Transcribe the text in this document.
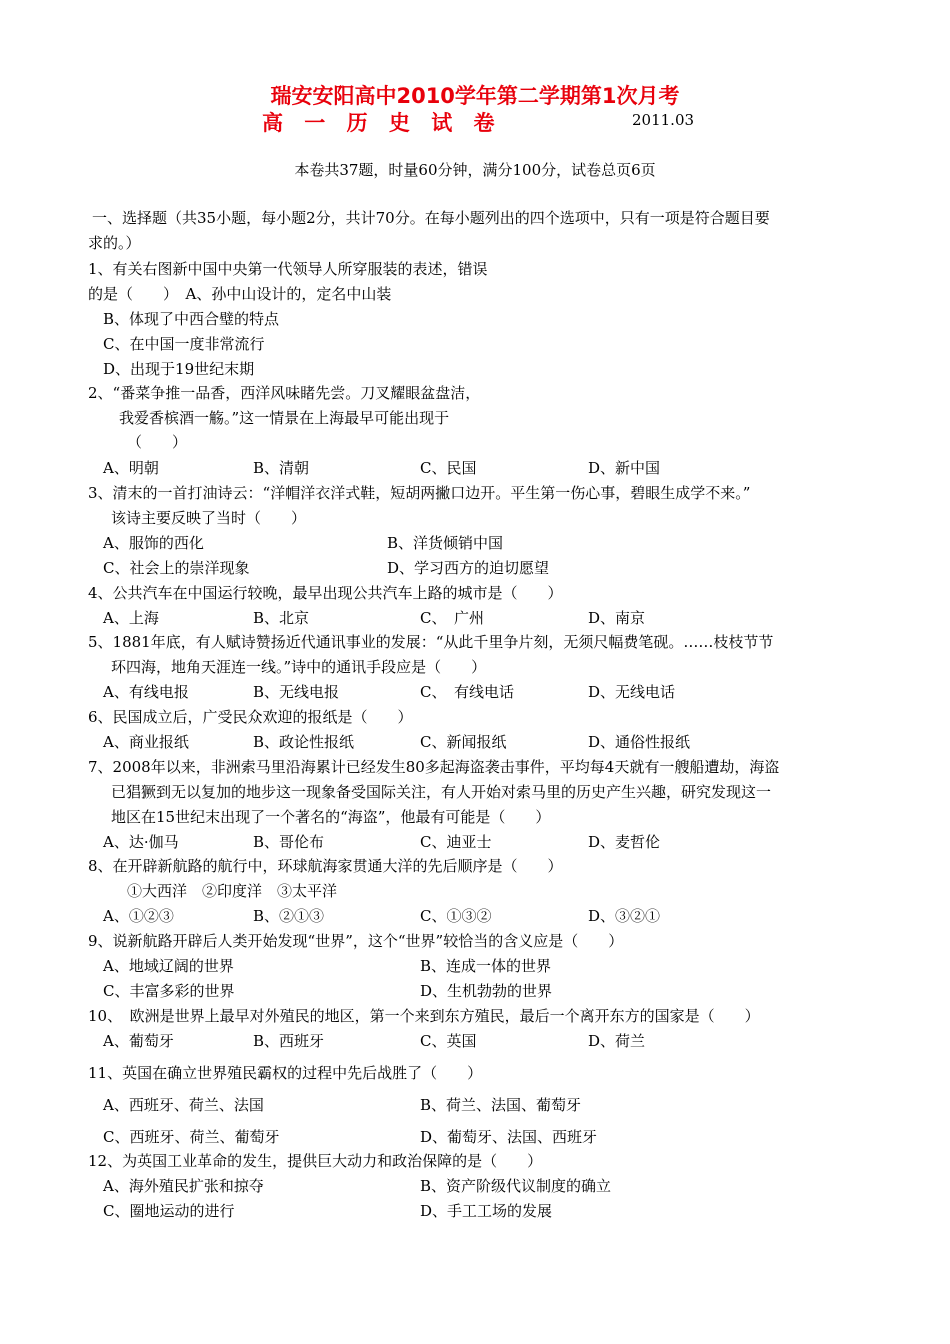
瑞安安阳高中2010学年第二学期第1次月考
高 一 历 史 试 卷	2011.03
本卷共37题，时量60分钟，满分100分，试卷总页6页
一、选择题（共35小题，每小题2分，共计70分。在每小题列出的四个选项中，只有一项是符合题目要
求的。）
1、有关右图新中国中央第一代领导人所穿服装的表述，错误
的是（　　）　A、孙中山设计的，定名中山装
B、体现了中西合璧的特点
C、在中国一度非常流行
D、出现于19世纪末期
2、“番菜争推一品香，西洋风味睹先尝。刀叉耀眼盆盘洁，
我爱香槟酒一觞。”这一情景在上海最早可能出现于
（　　）
A、明朝	B、清朝	C、民国	D、新中国
3、清末的一首打油诗云：“洋帽洋衣洋式鞋，短胡两撇口边开。平生第一伤心事，碧眼生成学不来。”
该诗主要反映了当时（　　）
A、服饰的西化	B、洋货倾销中国
C、社会上的崇洋现象	D、学习西方的迫切愿望
4、公共汽车在中国运行较晚，最早出现公共汽车上路的城市是（　　）
A、上海	B、北京	C、　广州	D、南京
5、1881年底，有人赋诗赞扬近代通讯事业的发展：“从此千里争片刻，无须尺幅费笔砚。……枝枝节节
环四海，地角天涯连一线。”诗中的通讯手段应是（　　）
A、有线电报	B、无线电报	C、　有线电话	D、无线电话
6、民国成立后，广受民众欢迎的报纸是（　　）
A、商业报纸	B、政论性报纸	C、新闻报纸	D、通俗性报纸
7、2008年以来，非洲索马里沿海累计已经发生80多起海盗袭击事件，平均每4天就有一艘船遭劫，海盗
已猖獗到无以复加的地步这一现象备受国际关注，有人开始对索马里的历史产生兴趣，研究发现这一
地区在15世纪末出现了一个著名的“海盗”，他最有可能是（　　）
A、达·伽马	B、哥伦布	C、迪亚士	D、麦哲伦
8、在开辟新航路的航行中，环球航海家贯通大洋的先后顺序是（　　）
①大西洋　②印度洋　③太平洋
A、①②③	B、②①③	C、①③②	D、③②①
9、说新航路开辟后人类开始发现“世界”，这个“世界”较恰当的含义应是（　　）
A、地域辽阔的世界	B、连成一体的世界
C、丰富多彩的世界	D、生机勃勃的世界
10、　欧洲是世界上最早对外殖民的地区，第一个来到东方殖民，最后一个离开东方的国家是（　　）
A、葡萄牙	B、西班牙	C、英国	D、荷兰
11、英国在确立世界殖民霸权的过程中先后战胜了（　　）
A、西班牙、荷兰、法国	B、荷兰、法国、葡萄牙
C、西班牙、荷兰、葡萄牙	D、葡萄牙、法国、西班牙
12、为英国工业革命的发生，提供巨大动力和政治保障的是（　　）
A、海外殖民扩张和掠夺	B、资产阶级代议制度的确立
C、圈地运动的进行	D、手工工场的发展
